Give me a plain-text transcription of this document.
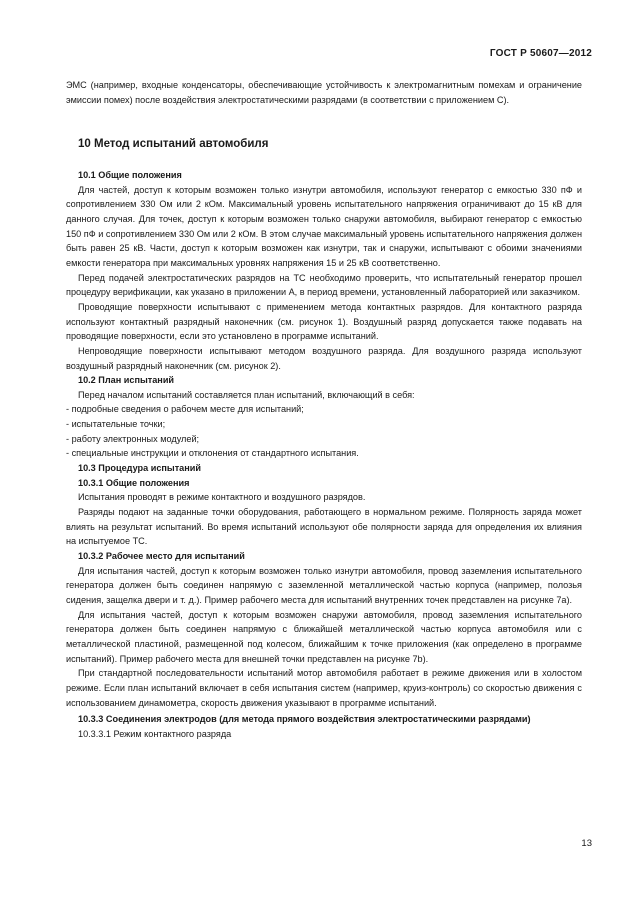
ГОСТ Р 50607—2012

ЭМС (например, входные конденсаторы, обеспечивающие устойчивость к электромагнитным помехам и ограничение эмиссии помех) после воздействия электростатическими разрядами (в соответствии с приложением С).

10 Метод испытаний автомобиля

10.1 Общие положения

Для частей, доступ к которым возможен только изнутри автомобиля, используют генератор с емкостью 330 пФ и сопротивлением 330 Ом или 2 кОм. Максимальный уровень испытательного напряжения ограничивают до 15 кВ для данного случая. Для точек, доступ к которым возможен только снаружи автомобиля, выбирают генератор с емкостью 150 пФ и сопротивлением 330 Ом или 2 кОм. В этом случае максимальный уровень испытательного напряжения должен быть равен 25 кВ. Части, доступ к которым возможен как изнутри, так и снаружи, испытывают с обоими значениями емкости генератора при максимальных уровнях напряжения 15 и 25 кВ соответственно.

Перед подачей электростатических разрядов на ТС необходимо проверить, что испытательный генератор прошел процедуру верификации, как указано в приложении А, в период времени, установленный лабораторией или заказчиком.

Проводящие поверхности испытывают с применением метода контактных разрядов. Для контактного разряда используют контактный разрядный наконечник (см. рисунок 1). Воздушный разряд допускается также подавать на проводящие поверхности, если это установлено в программе испытаний.

Непроводящие поверхности испытывают методом воздушного разряда. Для воздушного разряда используют воздушный разрядный наконечник (см. рисунок 2).

10.2 План испытаний

Перед началом испытаний составляется план испытаний, включающий в себя:

- подробные сведения о рабочем месте для испытаний;

- испытательные точки;

- работу электронных модулей;

- специальные инструкции и отклонения от стандартного испытания.

10.3 Процедура испытаний

10.3.1 Общие положения

Испытания проводят в режиме контактного и воздушного разрядов.

Разряды подают на заданные точки оборудования, работающего в нормальном режиме. Полярность заряда может влиять на результат испытаний. Во время испытаний используют обе полярности заряда для определения их влияния на испытуемое ТС.

10.3.2 Рабочее место для испытаний

Для испытания частей, доступ к которым возможен только изнутри автомобиля, провод заземления испытательного генератора должен быть соединен напрямую с заземленной металлической частью корпуса (например, полозья сидения, защелка двери и т. д.). Пример рабочего места для испытаний внутренних точек представлен на рисунке 7а).

Для испытания частей, доступ к которым возможен снаружи автомобиля, провод заземления испытательного генератора должен быть соединен напрямую с ближайшей металлической частью корпуса автомобиля или с металлической пластиной, размещенной под колесом, ближайшим к точке приложения (как определено в программе испытаний). Пример рабочего места для внешней точки представлен на рисунке 7b).

При стандартной последовательности испытаний мотор автомобиля работает в режиме движения или в холостом режиме. Если план испытаний включает в себя испытания систем (например, круиз-контроль) со скоростью движения с использованием динамометра, скорость движения указывают в программе испытаний.

10.3.3 Соединения электродов (для метода прямого воздействия электростатическими разрядами)

10.3.3.1 Режим контактного разряда

13
